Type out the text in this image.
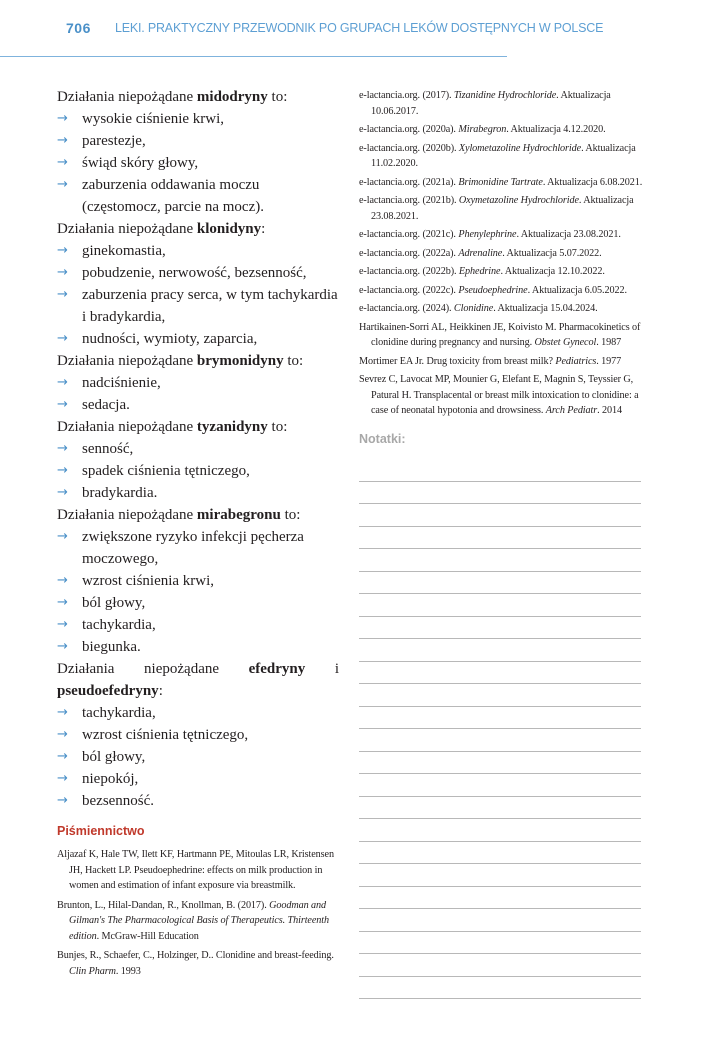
706 LEKI. PRAKTYCZNY PRZEWODNIK PO GRUPACH LEKÓW DOSTĘPNYCH W POLSCE

Działania niepożądane midodryny to:

→ wysokie ciśnienie krwi,
→ parestezje,
→ świąd skóry głowy,
→ zaburzenia oddawania moczu (częstomocz, parcie na mocz).

Działania niepożądane klonidyny:

→ ginekomastia,
→ pobudzenie, nerwowość, bezsenność,
→ zaburzenia pracy serca, w tym tachykardia i bradykardia,
→ nudności, wymioty, zaparcia,

Działania niepożądane brymonidyny to:

→ nadciśnienie,
→ sedacja.

Działania niepożądane tyzanidyny to:

→ senność,
→ spadek ciśnienia tętniczego,
→ bradykardia.

Działania niepożądane mirabegronu to:

→ zwiększone ryzyko infekcji pęcherza moczowego,
→ wzrost ciśnienia krwi,
→ ból głowy,
→ tachykardia,
→ biegunka.

Działania niepożądane efedryny i pseudoefedryny:

→ tachykardia,
→ wzrost ciśnienia tętniczego,
→ ból głowy,
→ niepokój,
→ bezsenność.
Piśmiennictwo

Aljazaf K, Hale TW, Ilett KF, Hartmann PE, Mitoulas LR, Kristensen JH, Hackett LP. Pseudoephedrine: effects on milk production in women and estimation of infant exposure via breastmilk.

Brunton, L., Hilal-Dandan, R., Knollman, B. (2017). Goodman and Gilman's The Pharmacological Basis of Therapeutics. Thirteenth edition. McGraw-Hill Education

Bunjes, R., Schaefer, C., Holzinger, D.. Clonidine and breast-feeding. Clin Pharm. 1993

e-lactancia.org. (2017). Tizanidine Hydrochloride. Aktualizacja 10.06.2017.

e-lactancia.org. (2020a). Mirabegron. Aktualizacja 4.12.2020.

e-lactancia.org. (2020b). Xylometazoline Hydrochloride. Aktualizacja 11.02.2020.

e-lactancia.org. (2021a). Brimonidine Tartrate. Aktualizacja 6.08.2021.

e-lactancia.org. (2021b). Oxymetazoline Hydrochloride. Aktualizacja 23.08.2021.

e-lactancia.org. (2021c). Phenylephrine. Aktualizacja 23.08.2021.

e-lactancia.org. (2022a). Adrenaline. Aktualizacja 5.07.2022.

e-lactancia.org. (2022b). Ephedrine. Aktualizacja 12.10.2022.

e-lactancia.org. (2022c). Pseudoephedrine. Aktualizacja 6.05.2022.

e-lactancia.org. (2024). Clonidine. Aktualizacja 15.04.2024.

Hartikainen-Sorri AL, Heikkinen JE, Koivisto M. Pharmacokinetics of clonidine during pregnancy and nursing. Obstet Gynecol. 1987

Mortimer EA Jr. Drug toxicity from breast milk? Pediatrics. 1977

Sevrez C, Lavocat MP, Mounier G, Elefant E, Magnin S, Teyssier G, Patural H. Transplacental or breast milk intoxication to clonidine: a case of neonatal hypotonia and drowsiness. Arch Pediatr. 2014

Notatki:
